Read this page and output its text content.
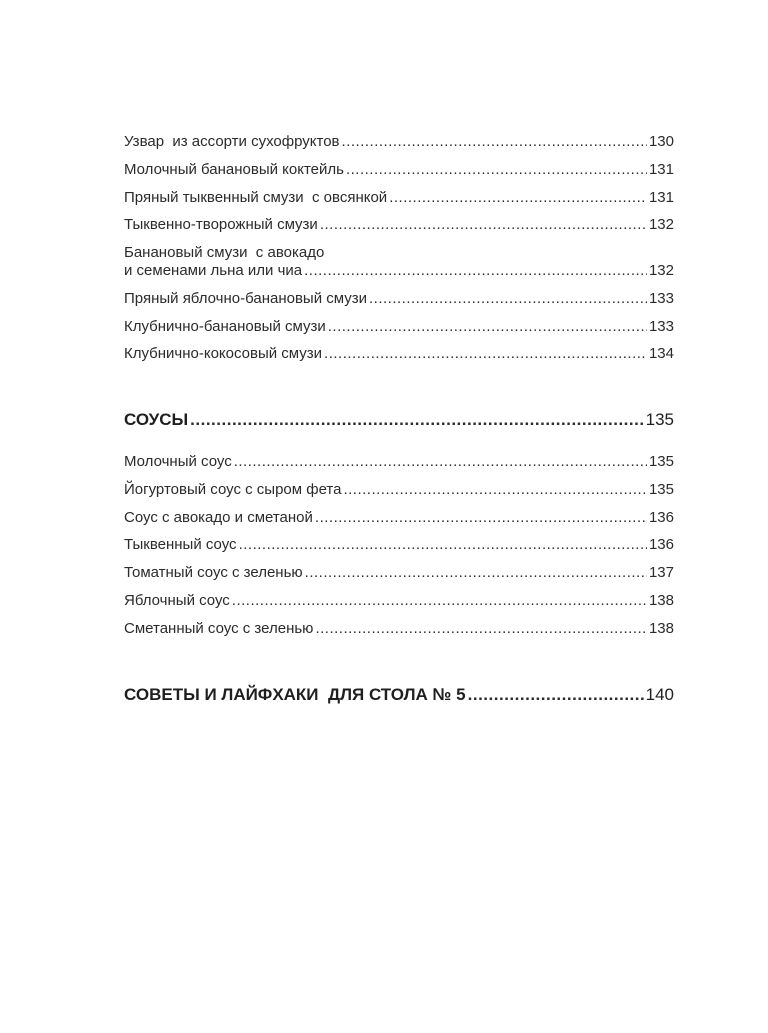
Узвар  из ассорти сухофруктов .....	130
Молочный банановый коктейль .....	131
Пряный тыквенный смузи  с овсянкой .....	131
Тыквенно-творожный смузи .....	132
Банановый смузи  с авокадо
и семенами льна или чиа .....	132
Пряный яблочно-банановый смузи .....	133
Клубнично-банановый смузи .....	133
Клубнично-кокосовый смузи .....	134
СОУСЫ .....	135
Молочный соус .....	135
Йогуртовый соус с сыром фета .....	135
Соус с авокадо и сметаной .....	136
Тыквенный соус .....	136
Томатный соус с зеленью .....	137
Яблочный соус .....	138
Сметанный соус с зеленью .....	138
СОВЕТЫ И ЛАЙФХАКИ  ДЛЯ СТОЛА № 5 .....	140
